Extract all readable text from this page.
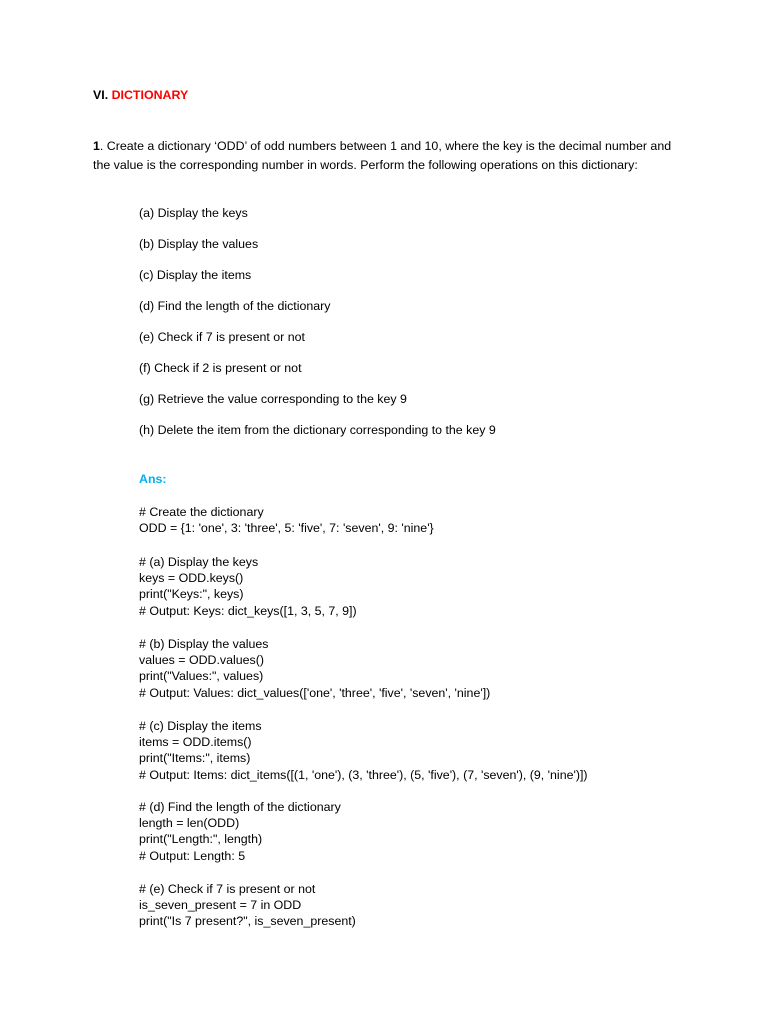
VI. DICTIONARY
1. Create a dictionary ‘ODD’ of odd numbers between 1 and 10, where the key is the decimal number and the value is the corresponding number in words. Perform the following operations on this dictionary:
(a) Display the keys
(b) Display the values
(c) Display the items
(d) Find the length of the dictionary
(e) Check if 7 is present or not
(f) Check if 2 is present or not
(g) Retrieve the value corresponding to the key 9
(h) Delete the item from the dictionary corresponding to the key 9
Ans:
# Create the dictionary
ODD = {1: 'one', 3: 'three', 5: 'five', 7: 'seven', 9: 'nine'}
# (a) Display the keys
keys = ODD.keys()
print("Keys:", keys)
# Output: Keys: dict_keys([1, 3, 5, 7, 9])
# (b) Display the values
values = ODD.values()
print("Values:", values)
# Output: Values: dict_values(['one', 'three', 'five', 'seven', 'nine'])
# (c) Display the items
items = ODD.items()
print("Items:", items)
# Output: Items: dict_items([(1, 'one'), (3, 'three'), (5, 'five'), (7, 'seven'), (9, 'nine')])
# (d) Find the length of the dictionary
length = len(ODD)
print("Length:", length)
# Output: Length: 5
# (e) Check if 7 is present or not
is_seven_present = 7 in ODD
print("Is 7 present?", is_seven_present)
